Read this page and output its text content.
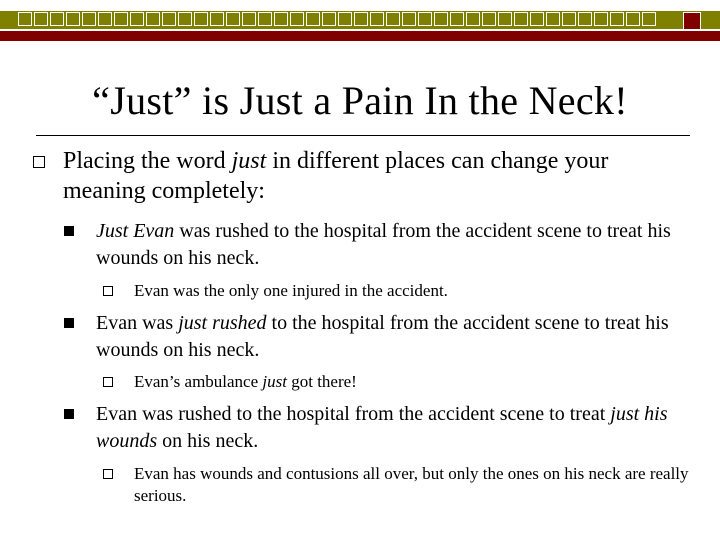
“Just” is Just a Pain In the Neck!
Placing the word just in different places can change your meaning completely:
Just Evan was rushed to the hospital from the accident scene to treat his wounds on his neck.
Evan was the only one injured in the accident.
Evan was just rushed to the hospital from the accident scene to treat his wounds on his neck.
Evan’s ambulance just got there!
Evan was rushed to the hospital from the accident scene to treat just his wounds on his neck.
Evan has wounds and contusions all over, but only the ones on his neck are really serious.
